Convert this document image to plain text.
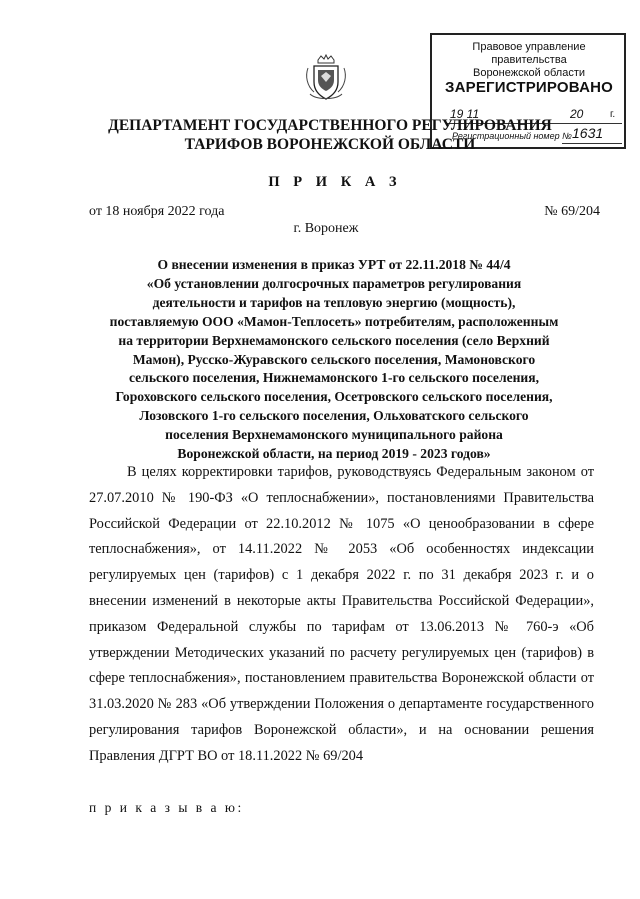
Правовое управление правительства
Воронежской области
ЗАРЕГИСТРИРОВАНО
19 11	20	г.
Регистрационный номер № 1631
ДЕПАРТАМЕНТ ГОСУДАРСТВЕННОГО РЕГУЛИРОВАНИЯ
ТАРИФОВ ВОРОНЕЖСКОЙ ОБЛАСТИ
П Р И К А З
от 18 ноября 2022 года	№ 69/204
г. Воронеж
О внесении изменения в приказ УРТ от 22.11.2018 № 44/4
«Об установлении долгосрочных параметров регулирования
деятельности и тарифов на тепловую энергию (мощность),
поставляемую ООО «Мамон-Теплосеть» потребителям, расположенным
на территории Верхнемамонского сельского поселения (село Верхний
Мамон), Русско-Журавского сельского поселения, Мамоновского
сельского поселения, Нижнемамонского 1-го сельского поселения,
Гороховского сельского поселения, Осетровского сельского поселения,
Лозовского 1-го сельского поселения, Ольховатского сельского
поселения Верхнемамонского муниципального района
Воронежской области, на период 2019 - 2023 годов»

В целях корректировки тарифов, руководствуясь Федеральным законом от 27.07.2010 № 190-ФЗ «О теплоснабжении», постановлениями Правительства Российской Федерации от 22.10.2012 № 1075 «О ценообразовании в сфере теплоснабжения», от 14.11.2022 № 2053 «Об особенностях индексации регулируемых цен (тарифов) с 1 декабря 2022 г. по 31 декабря 2023 г. и о внесении изменений в некоторые акты Правительства Российской Федерации», приказом Федеральной службы по тарифам от 13.06.2013 № 760-э «Об утверждении Методических указаний по расчету регулируемых цен (тарифов) в сфере теплоснабжения», постановлением правительства Воронежской области от 31.03.2020 № 283 «Об утверждении Положения о департаменте государственного регулирования тарифов Воронежской области», и на основании решения Правления ДГРТ ВО от 18.11.2022 № 69/204

п р и к а з ы в а ю:
